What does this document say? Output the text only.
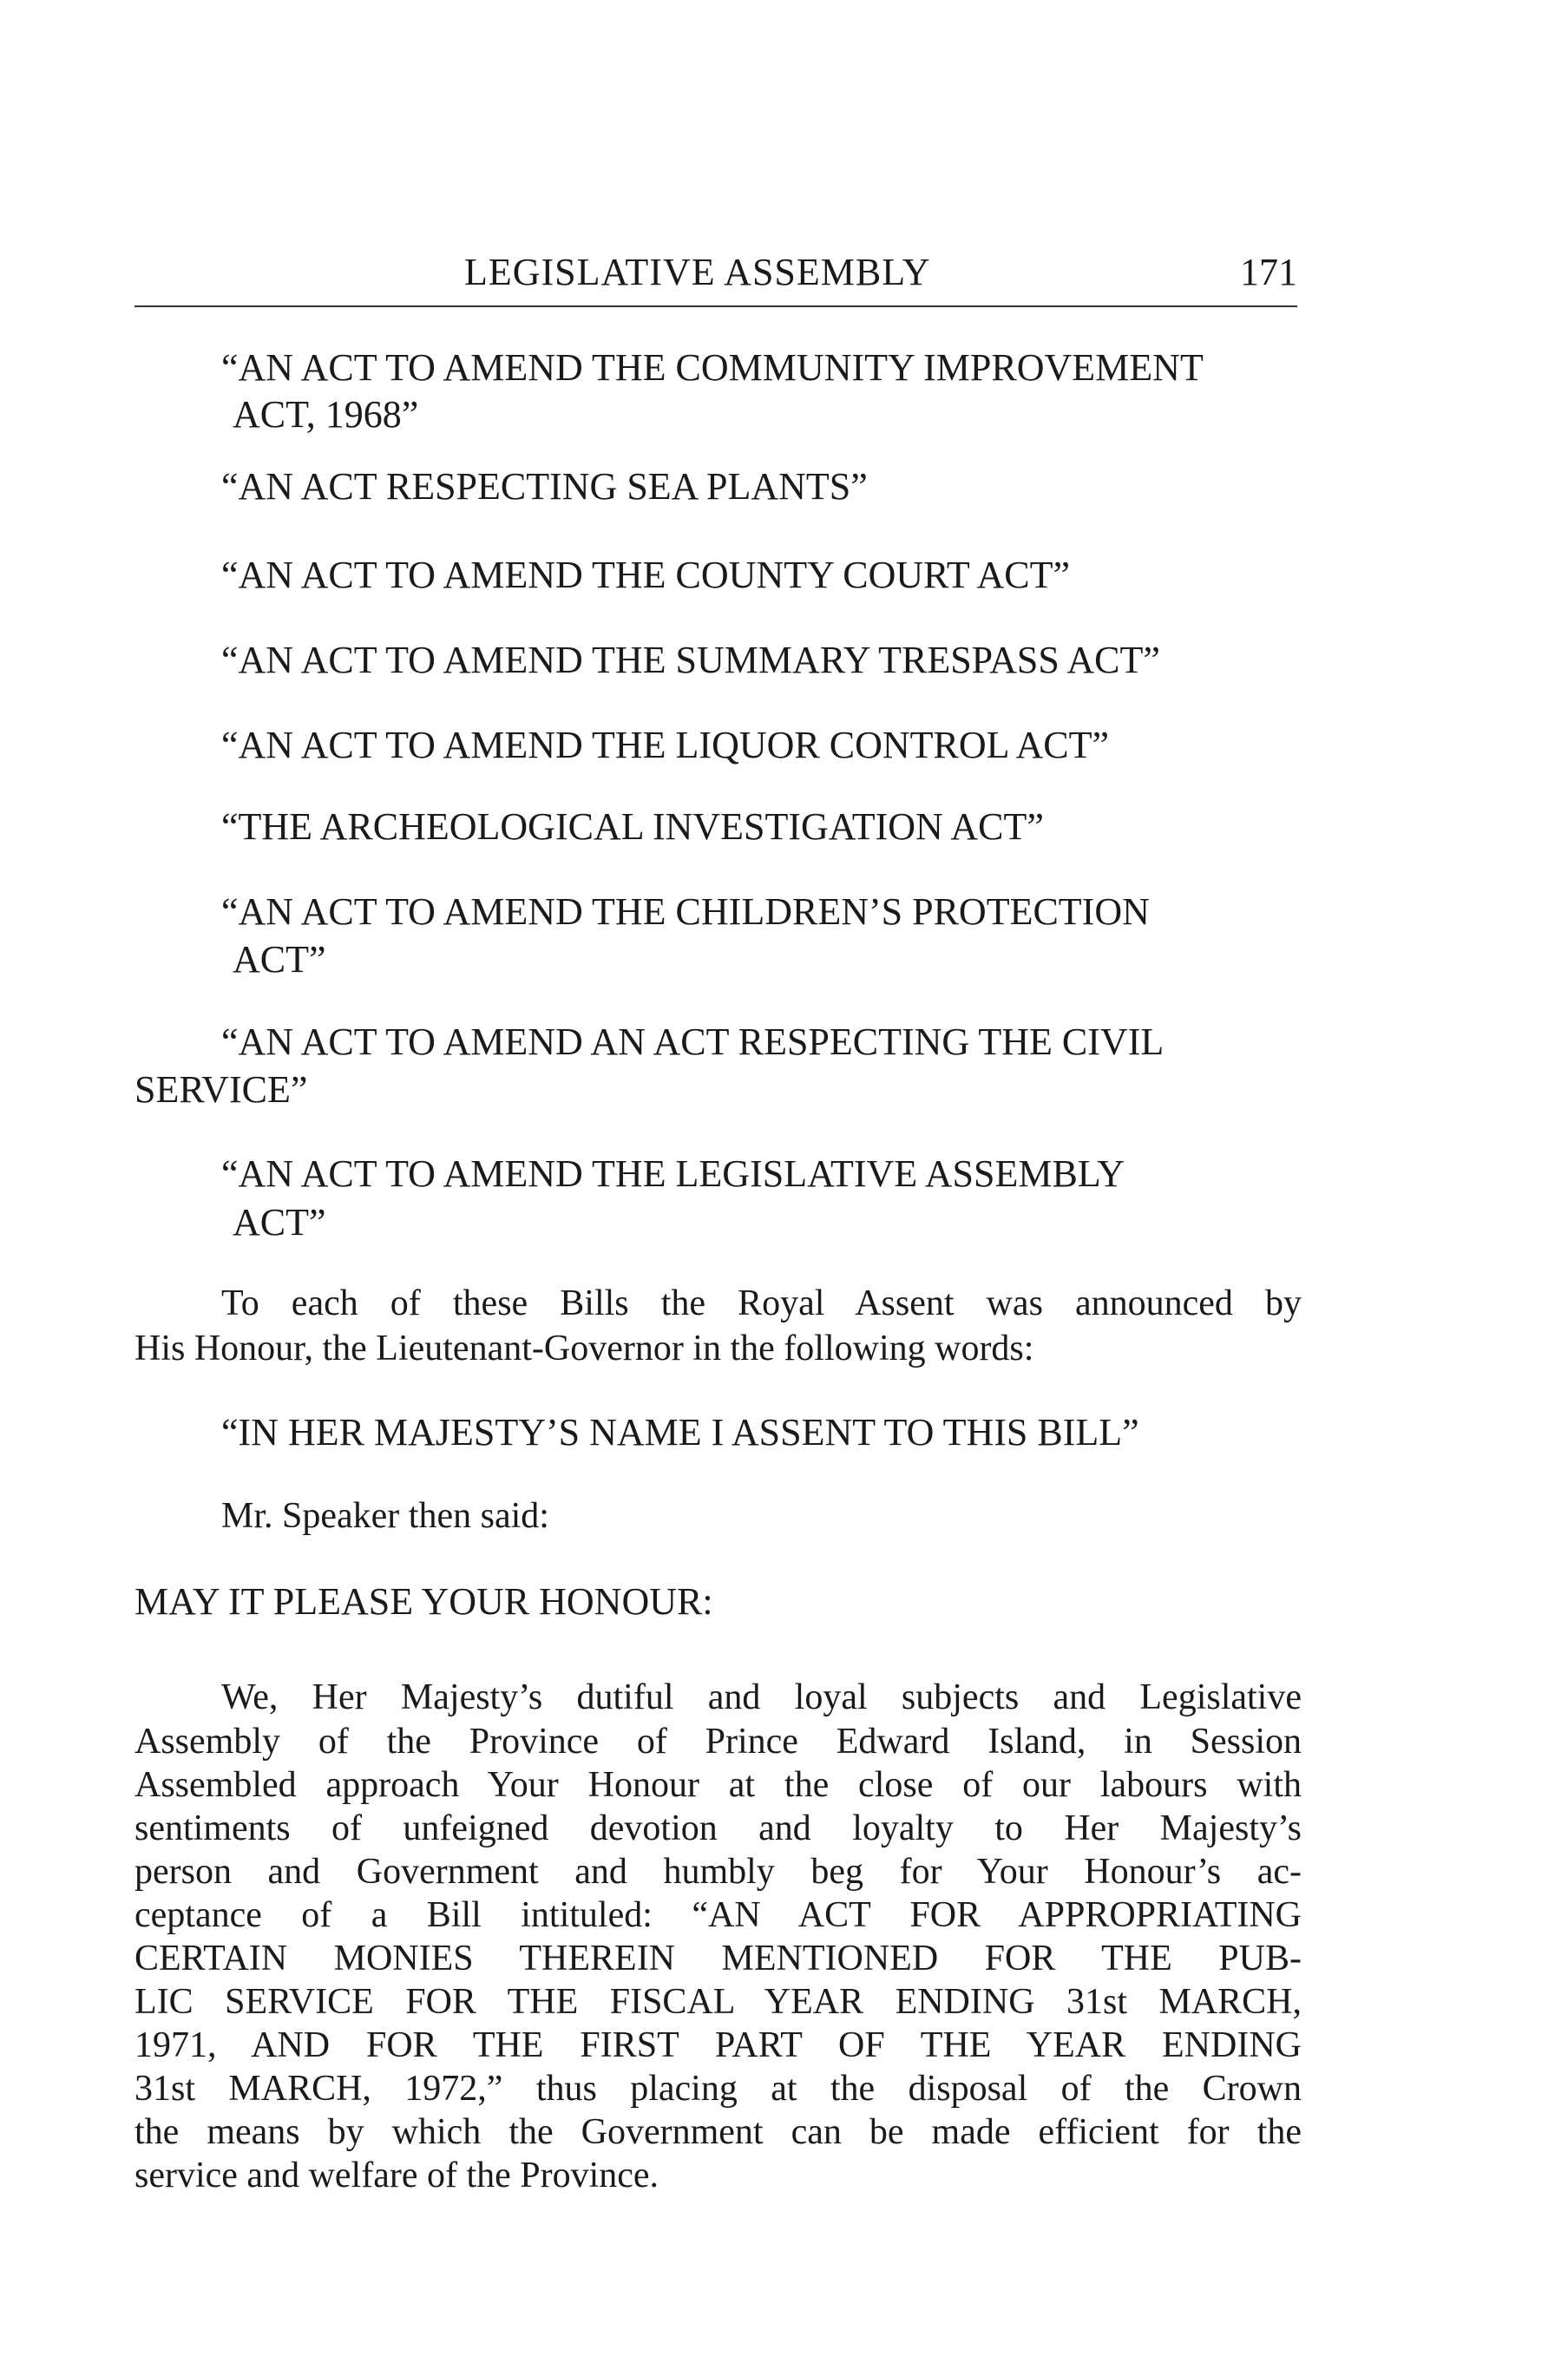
LEGISLATIVE ASSEMBLY	171
“AN ACT TO AMEND THE COMMUNITY IMPROVEMENT
ACT, 1968”
“AN ACT RESPECTING SEA PLANTS”
“AN ACT TO AMEND THE COUNTY COURT ACT”
“AN ACT TO AMEND THE SUMMARY TRESPASS ACT”
“AN ACT TO AMEND THE LIQUOR CONTROL ACT”
“THE ARCHEOLOGICAL INVESTIGATION ACT”
“AN ACT TO AMEND THE CHILDREN’S PROTECTION
ACT”
“AN ACT TO AMEND AN ACT RESPECTING THE CIVIL
SERVICE”
“AN ACT TO AMEND THE LEGISLATIVE ASSEMBLY
ACT”
To each of these Bills the Royal Assent was announced by
His Honour, the Lieutenant-Governor in the following words:
“IN HER MAJESTY’S NAME I ASSENT TO THIS BILL”
Mr. Speaker then said:
MAY IT PLEASE YOUR HONOUR:
We, Her Majesty’s dutiful and loyal subjects and Legislative
Assembly of the Province of Prince Edward Island, in Session
Assembled approach Your Honour at the close of our labours with
sentiments of unfeigned devotion and loyalty to Her Majesty’s
person and Government and humbly beg for Your Honour’s ac-
ceptance of a Bill intituled: “AN ACT FOR APPROPRIATING
CERTAIN MONIES THEREIN MENTIONED FOR THE PUB-
LIC SERVICE FOR THE FISCAL YEAR ENDING 31st MARCH,
1971, AND FOR THE FIRST PART OF THE YEAR ENDING
31st MARCH, 1972,” thus placing at the disposal of the Crown
the means by which the Government can be made efficient for the
service and welfare of the Province.
